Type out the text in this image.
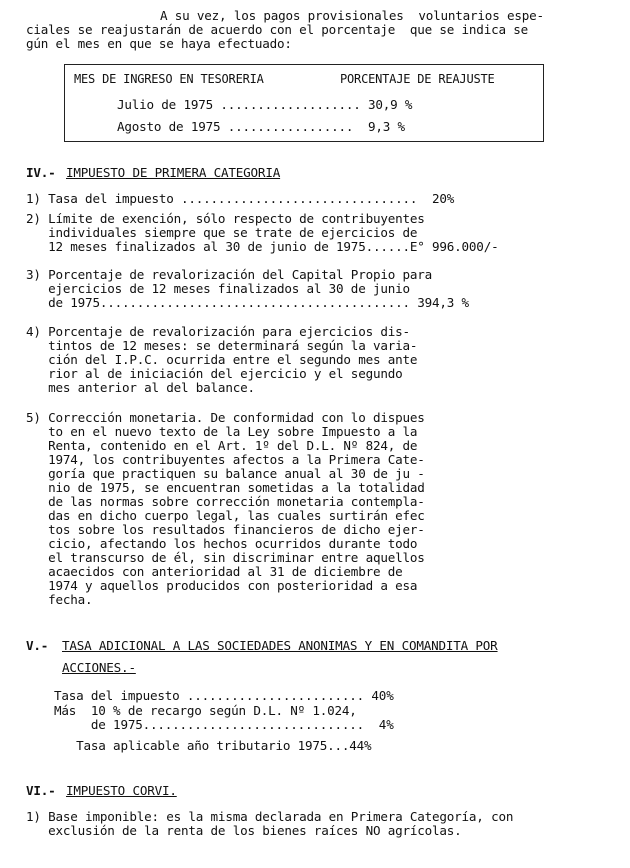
A su vez, los pagos provisionales  voluntarios espe-
ciales se reajustarán de acuerdo con el porcentaje  que se indica se
gún el mes en que se haya efectuado:
MES DE INGRESO EN TESORERIA	PORCENTAJE DE REAJUSTE
Julio de 1975 ................... 30,9 %
Agosto de 1975 .................  9,3 %
IV.- IMPUESTO DE PRIMERA CATEGORIA
1) Tasa del impuesto ................................  20%
2) Límite de exención, sólo respecto de contribuyentes
individuales siempre que se trate de ejercicios de
12 meses finalizados al 30 de junio de 1975......E° 996.000/-
3) Porcentaje de revalorización del Capital Propio para
ejercicios de 12 meses finalizados al 30 de junio
de 1975.......................................... 394,3 %
4) Porcentaje de revalorización para ejercicios dis-
tintos de 12 meses: se determinará según la varia-
ción del I.P.C. ocurrida entre el segundo mes ante
rior al de iniciación del ejercicio y el segundo
mes anterior al del balance.
5) Corrección monetaria. De conformidad con lo dispues
to en el nuevo texto de la Ley sobre Impuesto a la
Renta, contenido en el Art. 1º del D.L. Nº 824, de
1974, los contribuyentes afectos a la Primera Cate-
goría que practiquen su balance anual al 30 de ju -
nio de 1975, se encuentran sometidas a la totalidad
de las normas sobre corrección monetaria contempla-
das en dicho cuerpo legal, las cuales surtirán efec
tos sobre los resultados financieros de dicho ejer-
cicio, afectando los hechos ocurridos durante todo
el transcurso de él, sin discriminar entre aquellos
acaecidos con anterioridad al 31 de diciembre de
1974 y aquellos producidos con posterioridad a esa
fecha.
V.- TASA ADICIONAL A LAS SOCIEDADES ANONIMAS Y EN COMANDITA POR
ACCIONES.-
Tasa del impuesto ........................ 40%
Más  10 % de recargo según D.L. Nº 1.024,
de 1975..............................  4%
Tasa aplicable año tributario 1975...44%
VI.- IMPUESTO CORVI.
1) Base imponible: es la misma declarada en Primera Categoría, con
exclusión de la renta de los bienes raíces NO agrícolas.
